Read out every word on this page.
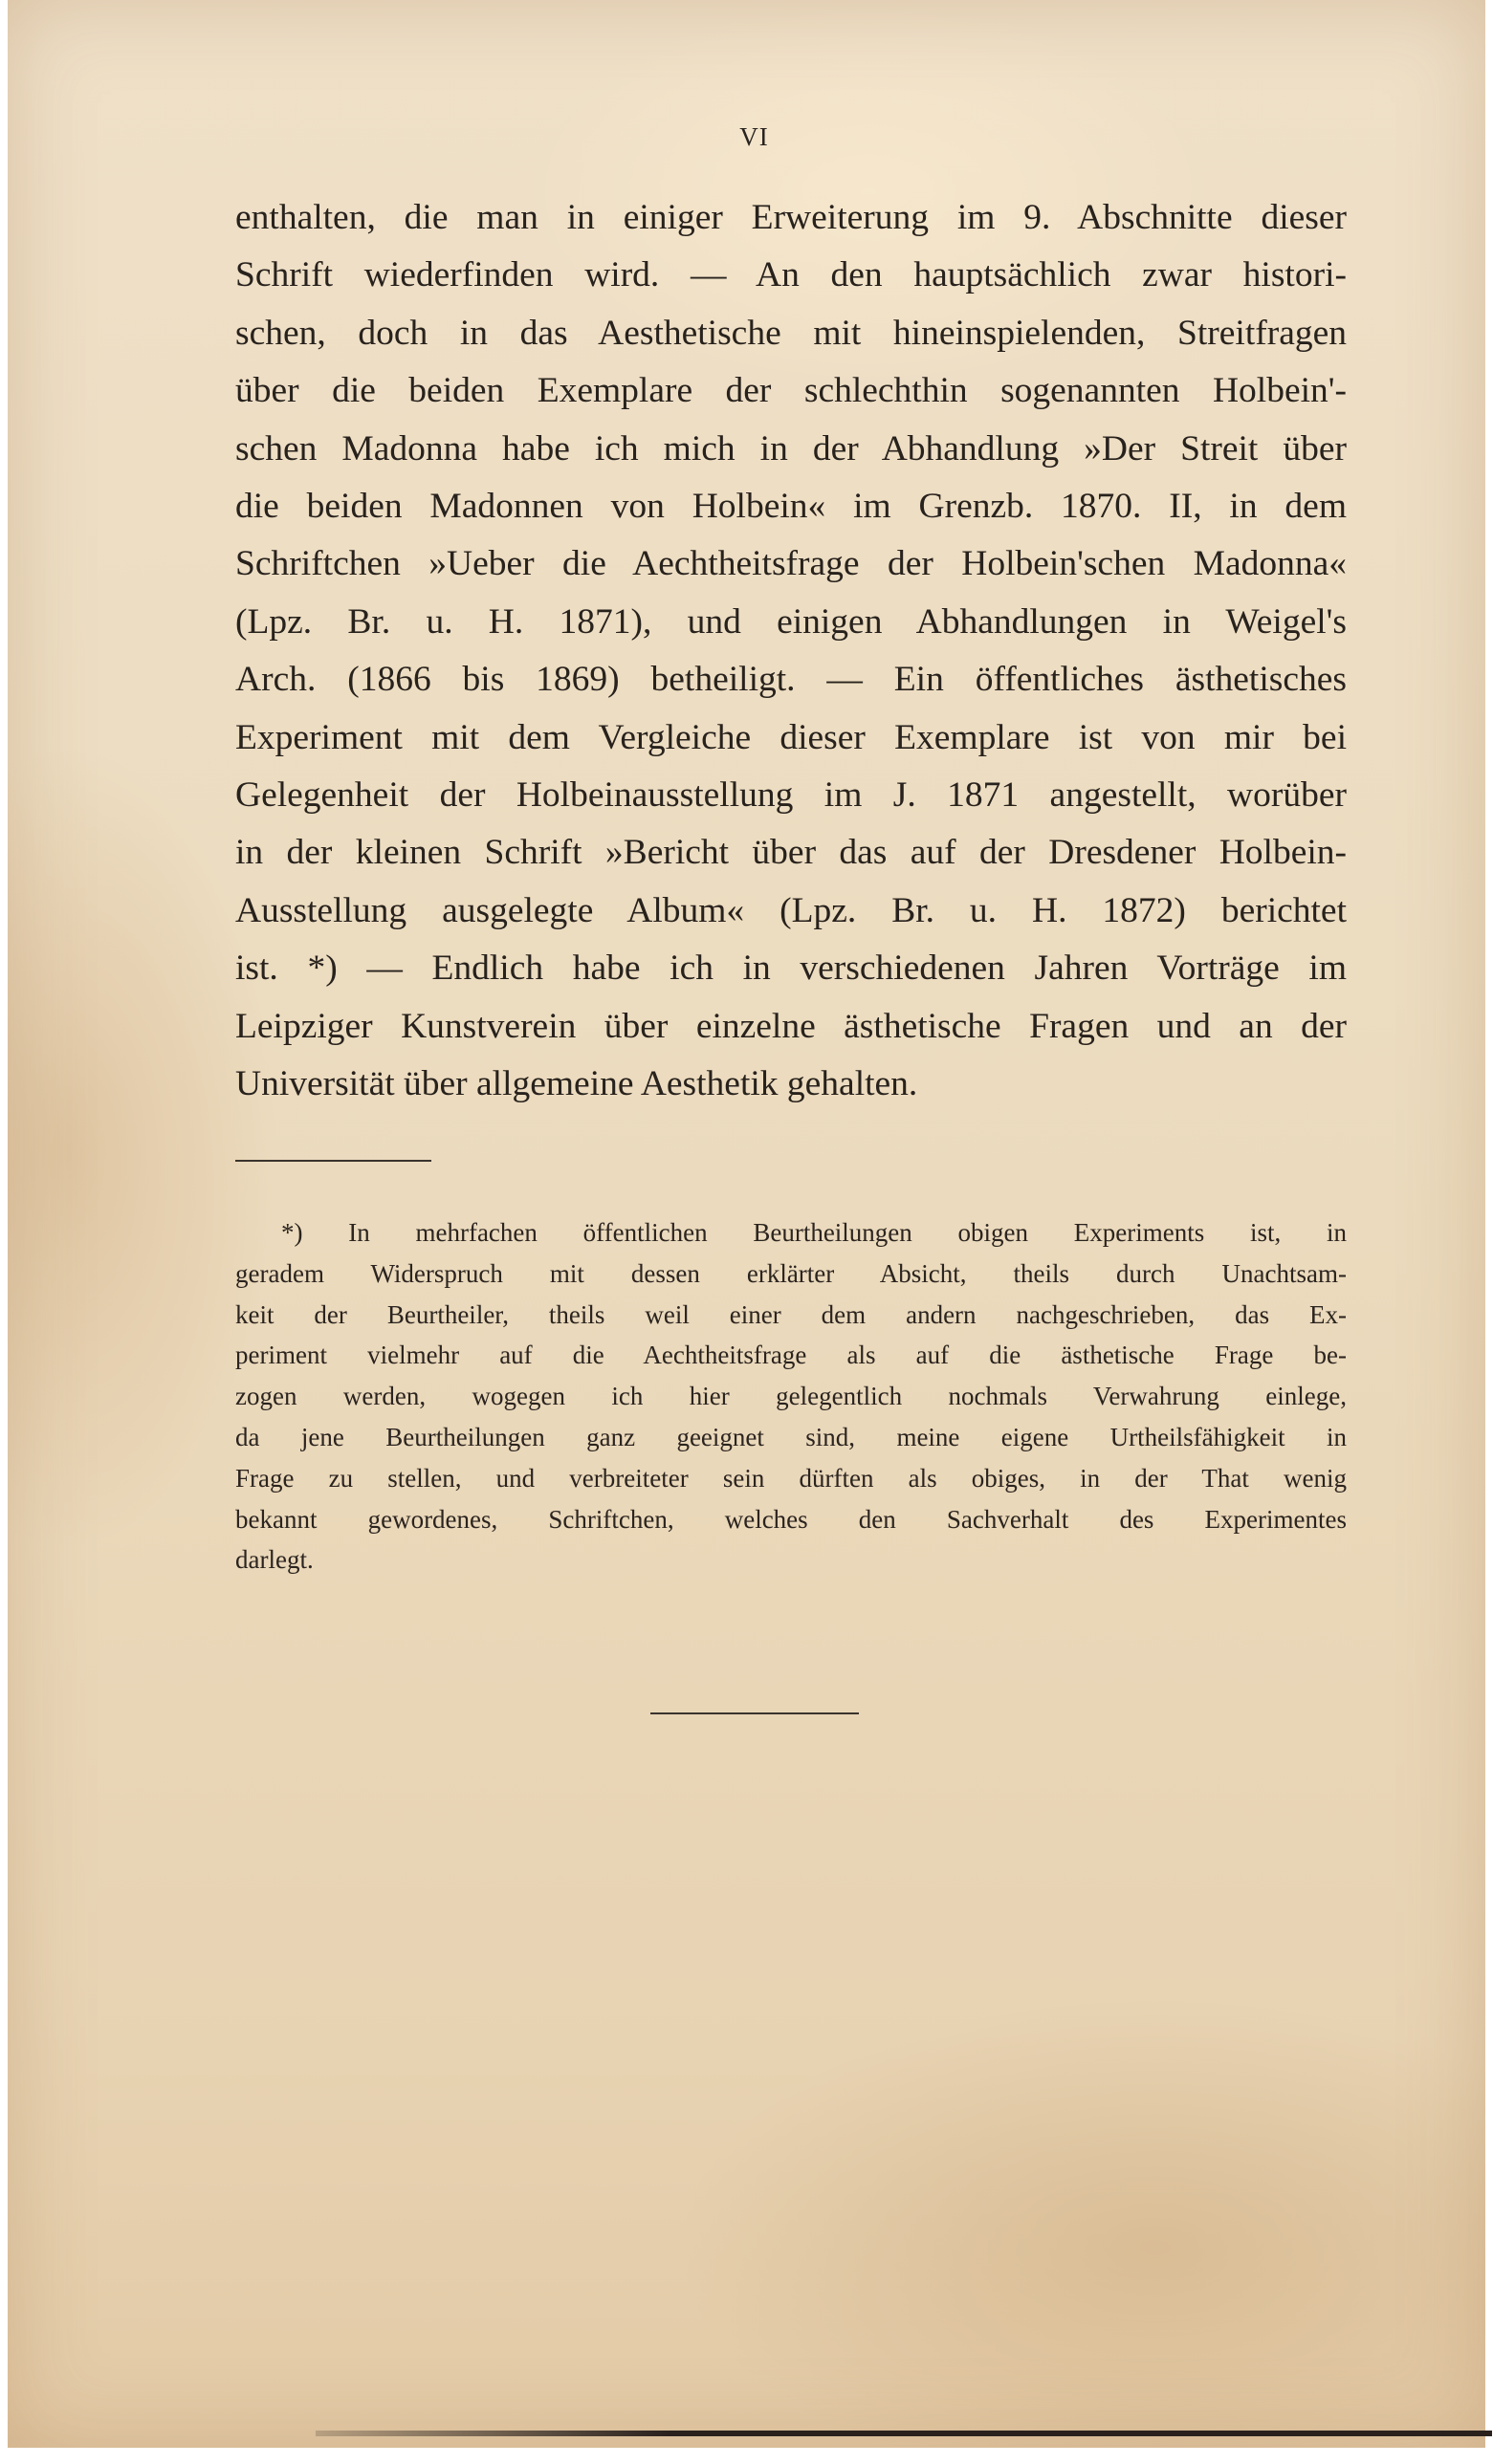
VI
enthalten, die man in einiger Erweiterung im 9. Abschnitte dieser
Schrift wiederfinden wird. — An den hauptsächlich zwar histori-
schen, doch in das Aesthetische mit hineinspielenden, Streitfragen
über die beiden Exemplare der schlechthin sogenannten Holbein'-
schen Madonna habe ich mich in der Abhandlung »Der Streit über
die beiden Madonnen von Holbein« im Grenzb. 1870. II, in dem
Schriftchen »Ueber die Aechtheitsfrage der Holbein'schen Madonna«
(Lpz. Br. u. H. 1871), und einigen Abhandlungen in Weigel's
Arch. (1866 bis 1869) betheiligt. — Ein öffentliches ästhetisches
Experiment mit dem Vergleiche dieser Exemplare ist von mir bei
Gelegenheit der Holbeinausstellung im J. 1871 angestellt, worüber
in der kleinen Schrift »Bericht über das auf der Dresdener Holbein-
Ausstellung ausgelegte Album« (Lpz. Br. u. H. 1872) berichtet
ist. *) — Endlich habe ich in verschiedenen Jahren Vorträge im
Leipziger Kunstverein über einzelne ästhetische Fragen und an der
Universität über allgemeine Aesthetik gehalten.
*) In mehrfachen öffentlichen Beurtheilungen obigen Experiments ist, in
geradem Widerspruch mit dessen erklärter Absicht, theils durch Unachtsam-
keit der Beurtheiler, theils weil einer dem andern nachgeschrieben, das Ex-
periment vielmehr auf die Aechtheitsfrage als auf die ästhetische Frage be-
zogen werden, wogegen ich hier gelegentlich nochmals Verwahrung einlege,
da jene Beurtheilungen ganz geeignet sind, meine eigene Urtheilsfähigkeit in
Frage zu stellen, und verbreiteter sein dürften als obiges, in der That wenig
bekannt gewordenes, Schriftchen, welches den Sachverhalt des Experimentes
darlegt.
